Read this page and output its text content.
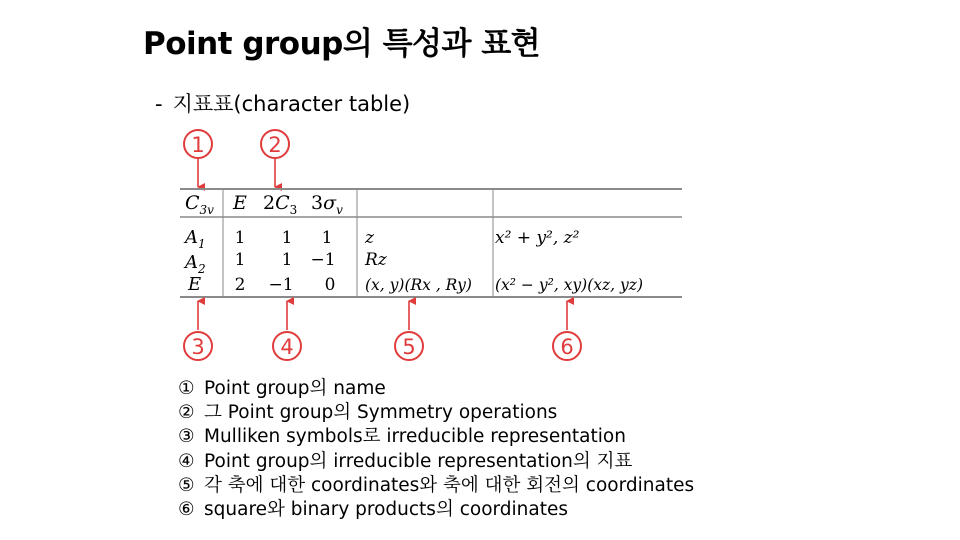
Point group의 특성과 표현
- 지표표(character table)
1	2
$C_{3v}$ E $2C_3$ $3\sigma_v$
$A_1$ 1 1 1 z	x² + y², z²
$A_2$ 1 1 −1 Rz
E 2 −1 0 (x, y)(Rx , Ry) (x² − y², xy)(xz, yz)
3	4	5	6
① Point group의 name
② 그 Point group의 Symmetry operations
③ Mulliken symbols로 irreducible representation
④ Point group의 irreducible representation의 지표
⑤ 각 축에 대한 coordinates와 축에 대한 회전의 coordinates
⑥ square와 binary products의 coordinates
